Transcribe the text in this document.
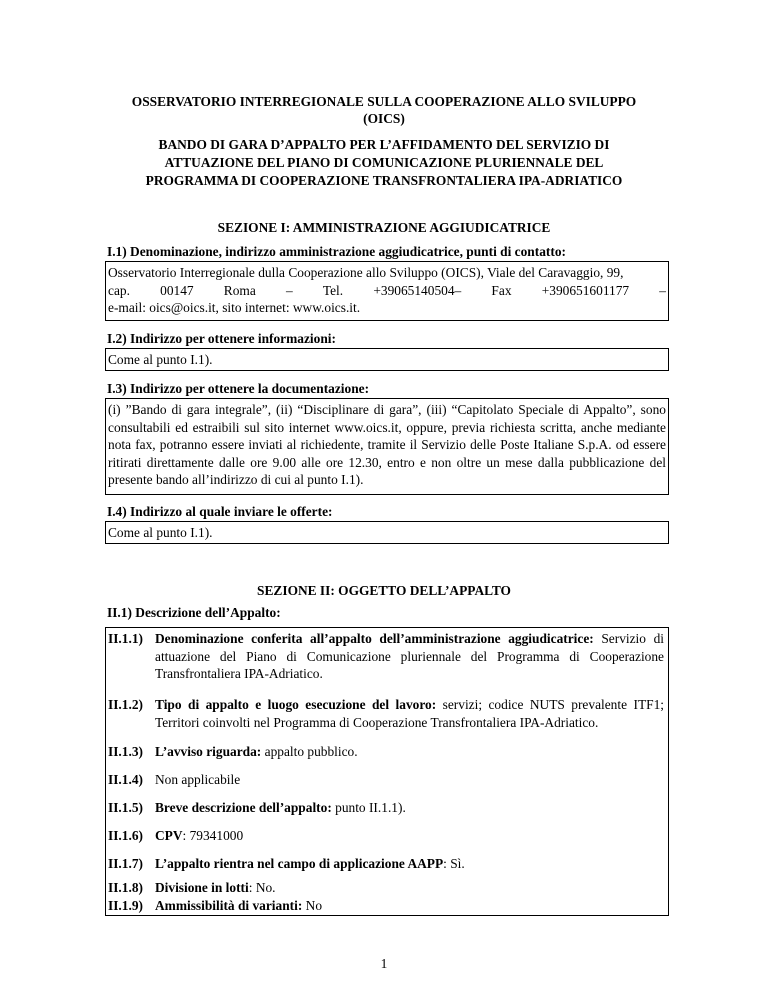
OSSERVATORIO INTERREGIONALE SULLA COOPERAZIONE ALLO SVILUPPO
(OICS)
BANDO DI GARA D’APPALTO PER L’AFFIDAMENTO DEL SERVIZIO DI
ATTUAZIONE DEL PIANO DI COMUNICAZIONE PLURIENNALE DEL
PROGRAMMA DI COOPERAZIONE TRANSFRONTALIERA IPA-ADRIATICO
SEZIONE I: AMMINISTRAZIONE AGGIUDICATRICE
I.1) Denominazione, indirizzo amministrazione aggiudicatrice, punti di contatto:
Osservatorio Interregionale dulla Cooperazione allo Sviluppo (OICS), Viale del Caravaggio, 99,
cap. 00147 Roma – Tel. +39065140504– Fax +390651601177 –
e-mail: oics@oics.it, sito internet: www.oics.it.
I.2) Indirizzo per ottenere informazioni:
Come al punto I.1).
I.3) Indirizzo per ottenere la documentazione:
(i) ”Bando di gara integrale”, (ii) “Disciplinare di gara”, (iii) “Capitolato Speciale di Appalto”, sono consultabili ed estraibili sul sito internet www.oics.it, oppure, previa richiesta scritta, anche mediante nota fax, potranno essere inviati al richiedente, tramite il Servizio delle Poste Italiane S.p.A. od essere ritirati direttamente dalle ore 9.00 alle ore 12.30, entro e non oltre un mese dalla pubblicazione del presente bando all’indirizzo di cui al punto I.1).
I.4) Indirizzo al quale inviare le offerte:
Come al punto I.1).
SEZIONE II: OGGETTO DELL’APPALTO
II.1) Descrizione dell’Appalto:
II.1.1) Denominazione conferita all’appalto dell’amministrazione aggiudicatrice: Servizio di attuazione del Piano di Comunicazione pluriennale del Programma di Cooperazione Transfrontaliera IPA-Adriatico.
II.1.2) Tipo di appalto e luogo esecuzione del lavoro: servizi; codice NUTS prevalente ITF1; Territori coinvolti nel Programma di Cooperazione Transfrontaliera IPA-Adriatico.
II.1.3) L’avviso riguarda: appalto pubblico.
II.1.4) Non applicabile
II.1.5) Breve descrizione dell’appalto: punto II.1.1).
II.1.6) CPV: 79341000
II.1.7) L’appalto rientra nel campo di applicazione AAPP: Sì.
II.1.8) Divisione in lotti: No.
II.1.9) Ammissibilità di varianti: No
1
